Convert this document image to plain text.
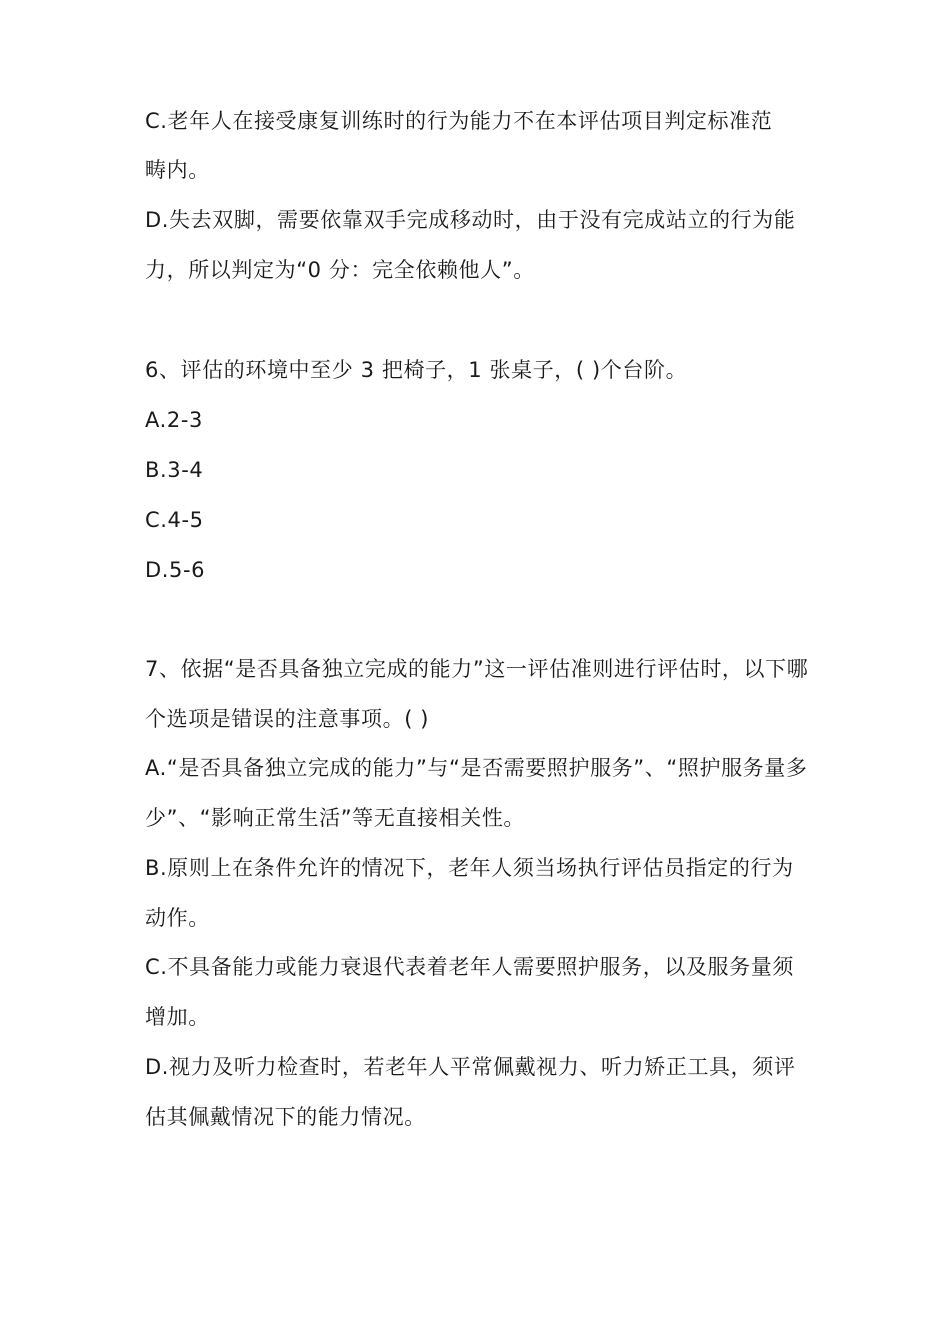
C.老年人在接受康复训练时的行为能力不在本评估项目判定标准范
畴内。
D.失去双脚，需要依靠双手完成移动时，由于没有完成站立的行为能
力，所以判定为“0 分：完全依赖他人”。
6、评估的环境中至少 3 把椅子，1 张桌子，( )个台阶。
A.2-3
B.3-4
C.4-5
D.5-6
7、依据“是否具备独立完成的能力”这一评估准则进行评估时，以下哪
个选项是错误的注意事项。( )
A.“是否具备独立完成的能力”与“是否需要照护服务”、“照护服务量多
少”、“影响正常生活”等无直接相关性。
B.原则上在条件允许的情况下，老年人须当场执行评估员指定的行为
动作。
C.不具备能力或能力衰退代表着老年人需要照护服务，以及服务量须
增加。
D.视力及听力检查时，若老年人平常佩戴视力、听力矫正工具，须评
估其佩戴情况下的能力情况。
